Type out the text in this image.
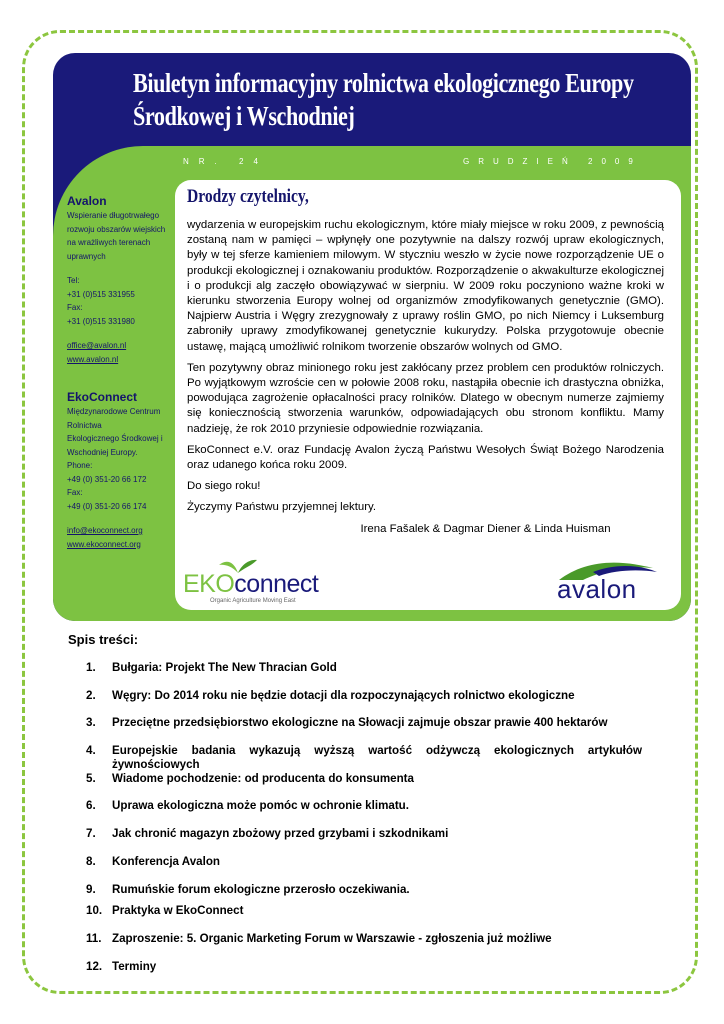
Biuletyn informacyjny rolnictwa ekologicznego Europy
Środkowej i Wschodniej
NR. 24	GRUDZIEŃ 2009
Avalon
Wspieranie długotrwałego
rozwoju obszarów wiejskich
na wrażliwych terenach
uprawnych
Tel:
+31 (0)515 331955
Fax:
+31 (0)515 331980
office@avalon.nl
www.avalon.nl
EkoConnect
Międzynarodowe Centrum
Rolnictwa
Ekologicznego Środkowej i
Wschodniej Europy.
Phone:
+49 (0) 351-20 66 172
Fax:
+49 (0) 351-20 66 174
info@ekoconnect.org
www.ekoconnect.org
Drodzy czytelnicy,

wydarzenia w europejskim ruchu ekologicznym, które miały miejsce w roku 2009, z pewnością zostaną nam w pamięci – wpłynęły one pozytywnie na dalszy rozwój upraw ekologicznych, były w tej sferze kamieniem milowym. W styczniu weszło w życie nowe rozporządzenie UE o produkcji ekologicznej i oznakowaniu produktów. Rozporządzenie o akwakulturze ekologicznej i o produkcji alg zaczęło obowiązywać w sierpniu. W 2009 roku poczyniono ważne kroki w kierunku stworzenia Europy wolnej od organizmów zmodyfikowanych genetycznie (GMO). Najpierw Austria i Węgry zrezygnowały z uprawy roślin GMO, po nich Niemcy i Luksemburg zabroniły uprawy zmodyfikowanej genetycznie kukurydzy. Polska przygotowuje obecnie ustawę, mającą umożliwić rolnikom tworzenie obszarów wolnych od GMO.

Ten pozytywny obraz minionego roku jest zakłócany przez problem cen produktów rolniczych. Po wyjątkowym wzroście cen w połowie 2008 roku, nastąpiła obecnie ich drastyczna obniżka, powodująca zagrożenie opłacalności pracy rolników. Dlatego w obecnym numerze zajmiemy się koniecznością stworzenia warunków, odpowiadających obu stronom konfliktu. Mamy nadzieję, że rok 2010 przyniesie odpowiednie rozwiązania.

EkoConnect e.V. oraz Fundację Avalon życzą Państwu Wesołych Świąt Bożego Narodzenia oraz udanego końca roku 2009.

Do siego roku!

Życzymy Państwu przyjemnej lektury.

Irena Fašalek & Dagmar Diener & Linda Huisman

EKOconnect
Organic Agriculture Moving East	avalon
Spis treści:
1. Bułgaria: Projekt The New Thracian Gold
2. Węgry: Do 2014 roku nie będzie dotacji dla rozpoczynających rolnictwo ekologiczne
3. Przeciętne przedsiębiorstwo ekologiczne na Słowacji zajmuje obszar prawie 400 hektarów
4. Europejskie badania wykazują wyższą wartość odżywczą ekologicznych artykułów żywnościowych
5. Wiadome pochodzenie: od producenta do konsumenta
6. Uprawa ekologiczna może pomóc w ochronie klimatu.
7. Jak chronić magazyn zbożowy przed grzybami i szkodnikami
8. Konferencja Avalon
9. Rumuńskie forum ekologiczne przerosło oczekiwania.
10. Praktyka w EkoConnect
11. Zaproszenie: 5. Organic Marketing Forum w Warszawie - zgłoszenia już możliwe
12. Terminy
